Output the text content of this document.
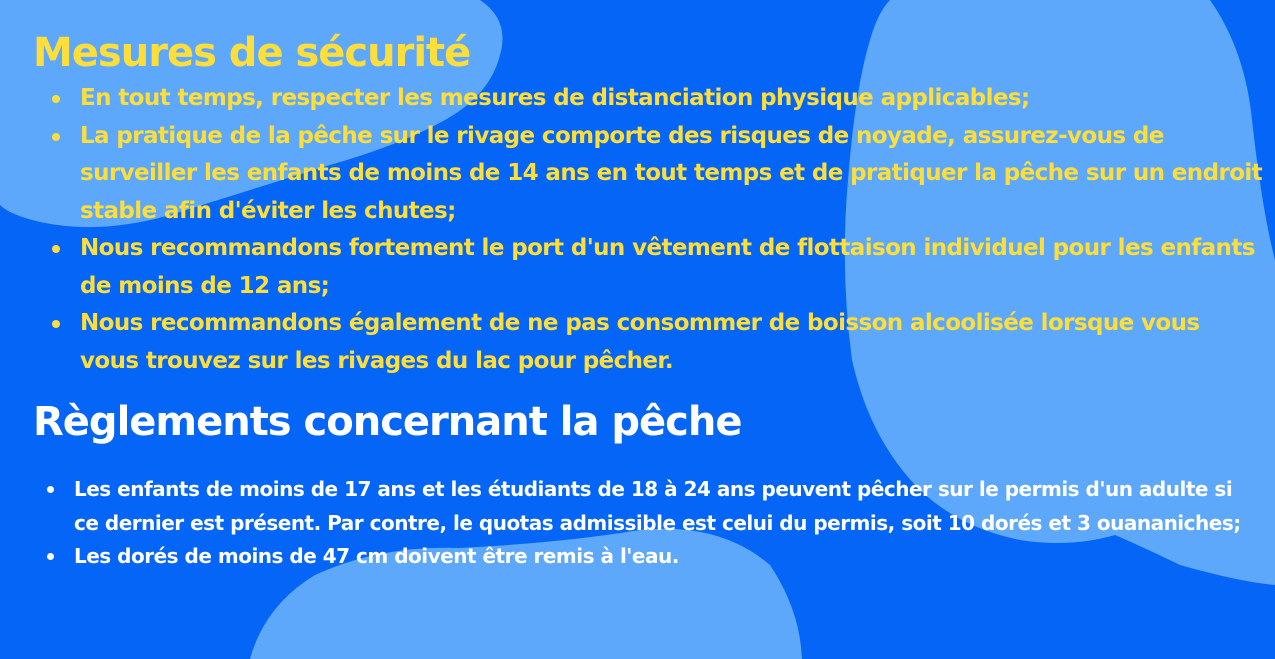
Mesures de sécurité
En tout temps, respecter les mesures de distanciation physique applicables;
La pratique de la pêche sur le rivage comporte des risques de noyade, assurez-vous de surveiller les enfants de moins de 14 ans en tout temps et de pratiquer la pêche sur un endroit stable afin d'éviter les chutes;
Nous recommandons fortement le port d'un vêtement de flottaison individuel pour les enfants de moins de 12 ans;
Nous recommandons également de ne pas consommer de boisson alcoolisée lorsque vous vous trouvez sur les rivages du lac pour pêcher.
Règlements concernant la pêche
Les enfants de moins de 17 ans et les étudiants de 18 à 24 ans peuvent pêcher sur le permis d'un adulte si ce dernier est présent. Par contre, le quotas admissible est celui du permis, soit 10 dorés et 3 ouananiches;
Les dorés de moins de 47 cm doivent être remis à l'eau.
